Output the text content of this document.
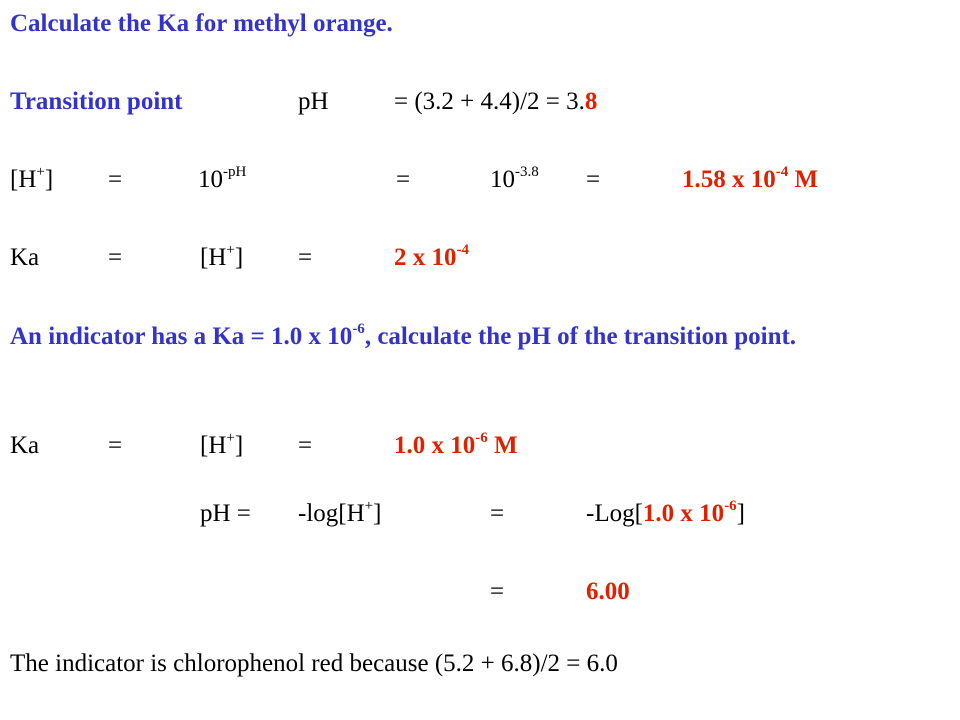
Calculate the Ka for methyl orange.
Transition point	pH	= (3.2 + 4.4)/2 = 3.8
[H+] =	$10^{-pH}$	=	$10^{-3.8}$ =	1.58 x $10^{-4}$ M
Ka	=	[H+] =	2 x $10^{-4}$
An indicator has a Ka = 1.0 x $10^{-6}$, calculate the pH of the transition point.
Ka	=	[H+] =	1.0 x $10^{-6}$ M
pH = -log[H+]	=	-Log[1.0 x $10^{-6}$]
=	6.00
The indicator is chlorophenol red because (5.2 + 6.8)/2 = 6.0
